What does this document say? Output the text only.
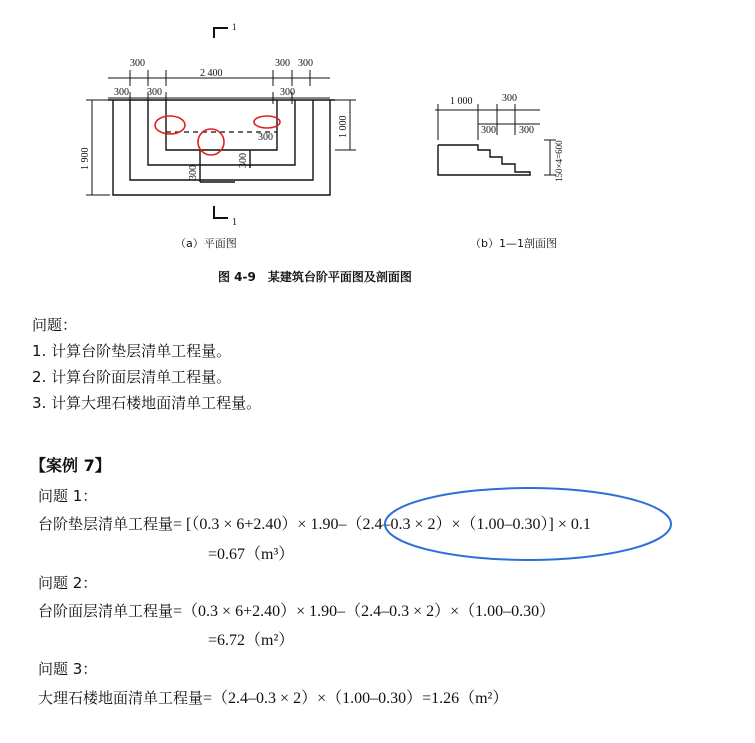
1
1
300
2 400
300 300
300 300	300
300
1 900
1 000
300
300
1 000	300
300 300
150×4=600
（a）平面图	（b）1—1剖面图
图 4-9　某建筑台阶平面图及剖面图
问题：
1. 计算台阶垫层清单工程量。
2. 计算台阶面层清单工程量。
3. 计算大理石楼地面清单工程量。
【案例 7】
问题 1：
台阶垫层清单工程量= [（0.3 × 6+2.40）× 1.90–（2.4–0.3 × 2）×（1.00–0.30）] × 0.1
=0.67（m³）
问题 2：
台阶面层清单工程量=（0.3 × 6+2.40）× 1.90–（2.4–0.3 × 2）×（1.00–0.30）
=6.72（m²）
问题 3：
大理石楼地面清单工程量=（2.4–0.3 × 2）×（1.00–0.30）=1.26（m²）
